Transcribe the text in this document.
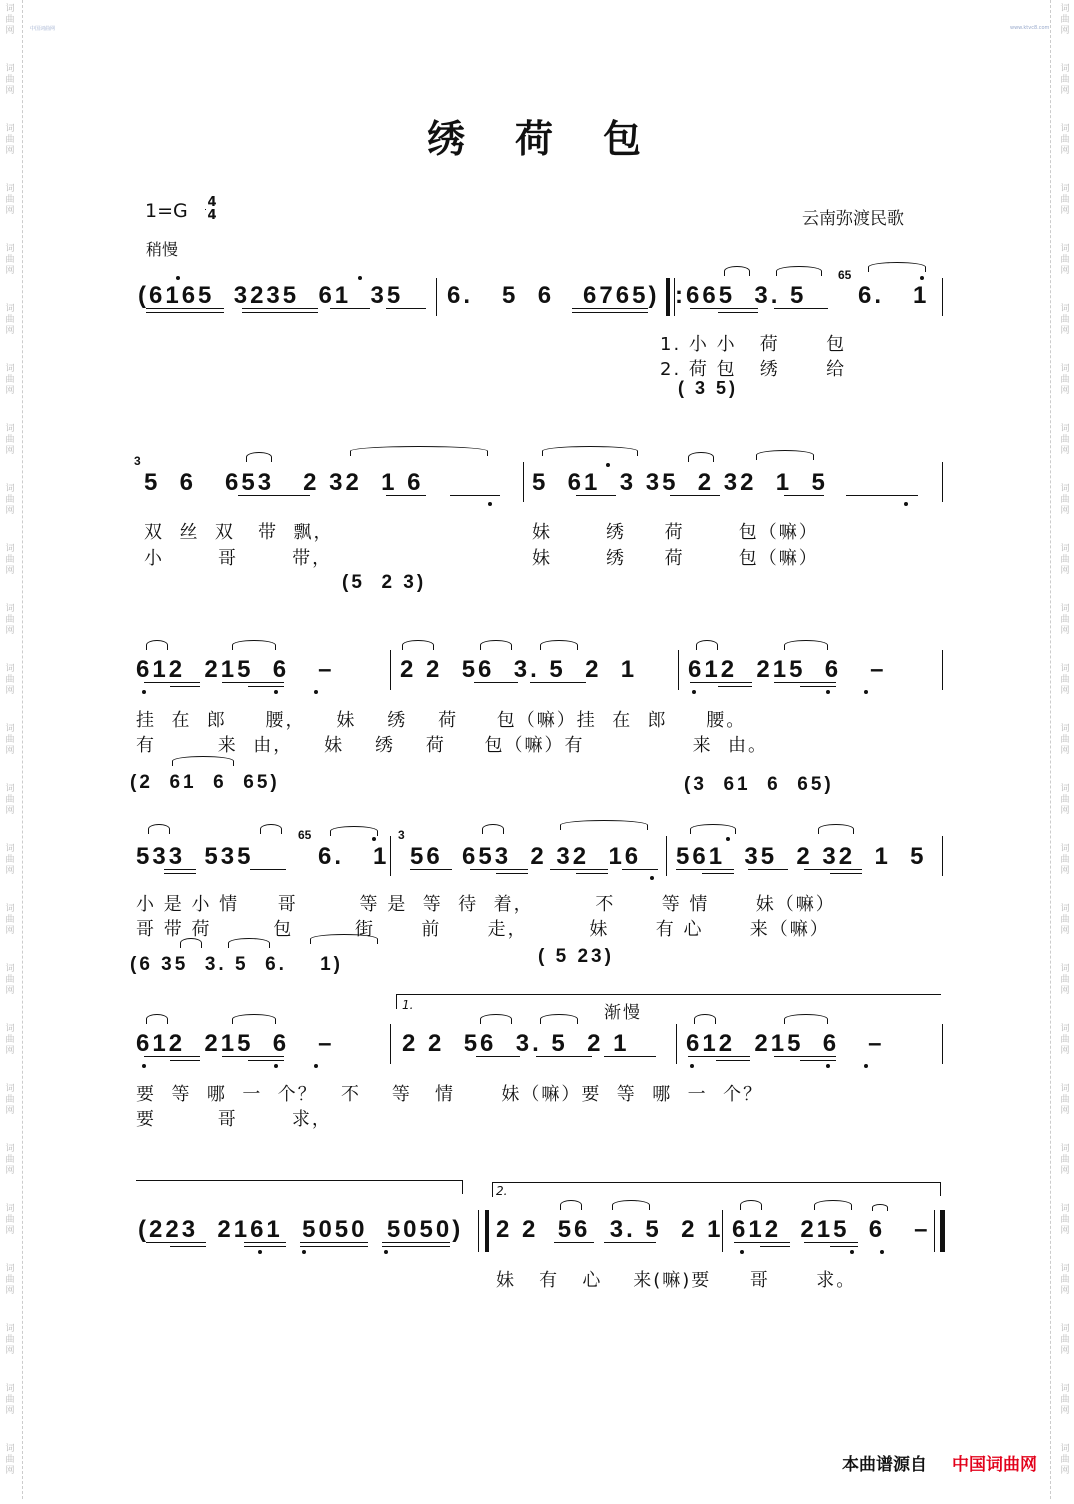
词
曲
网
词
曲
网
词
曲
网
词
曲
网
词
曲
网
词
曲
网
词
曲
网
词
曲
网
词
曲
网
词
曲
网
词
曲
网
词
曲
网
词
曲
网
词
曲
网
词
曲
网
词
曲
网
词
曲
网
词
曲
网
词
曲
网
词
曲
网
词
曲
网
词
曲
网
词
曲
网
词
曲
网
词
曲
网
词
曲
网
词
曲
网
词
曲
网
词
曲
网
词
曲
网
词
曲
网
词
曲
网
词
曲
网
词
曲
网
词
曲
网
词
曲
网
词
曲
网
词
曲
网
词
曲
网
词
曲
网
词
曲
网
词
曲
网
词
曲
网
词
曲
网
词
曲
网
词
曲
网
词
曲
网
词
曲
网
词
曲
网
词
曲
网
中国词曲网	www.ktvc8.com
绣　荷　包
1=G 4
4
稍慢
云南弥渡民歌
(6165  3235  61  35 6.   5  6   6765) :665  3. 5
65
6.   1
1. 小 小   荷      包
2. 荷 包   绣      给
( 3 5)
3
5  6   653   2 32  1 6	5  61  3 35  2 32  1  5
双  丝  双   带  飘，	妹       绣     荷       包（嘛）
小       哥       带，	妹       绣     荷       包（嘛）
(5  2 3)
612  215  6   –	2 2  56  3. 5  2  1 612  215  6   –
挂  在  郎     腰，    妹    绣    荷     包（嘛）挂  在  郎     腰。
有        来  由，    妹    绣    荷     包（嘛）有              来  由。
(2  61  6  65)	(3  61  6  65)
533  535
65
6.   1
3
56  653  2 32  16 561  35  2 32  1  5
小 是 小 情     哥        等 是  等  待  着，        不      等 情      妹（嘛）
哥 带 荷        包        街      前      走，        妹      有 心      来（嘛）
(6 35  3. 5  6.    1)	( 5 23)
1.	渐慢
612  215  6   –	2 2  56  3. 5  2 1 612  215  6   –
要  等  哪  一  个？   不    等   情      妹（嘛）要  等  哪  一  个？
要        哥       求，
2.
(223  2161  5050  5050) 2 2  56  3. 5  2 1 612  215  6   –
妹   有   心    来(嘛)要     哥      求。
本曲谱源自 中国词曲网
